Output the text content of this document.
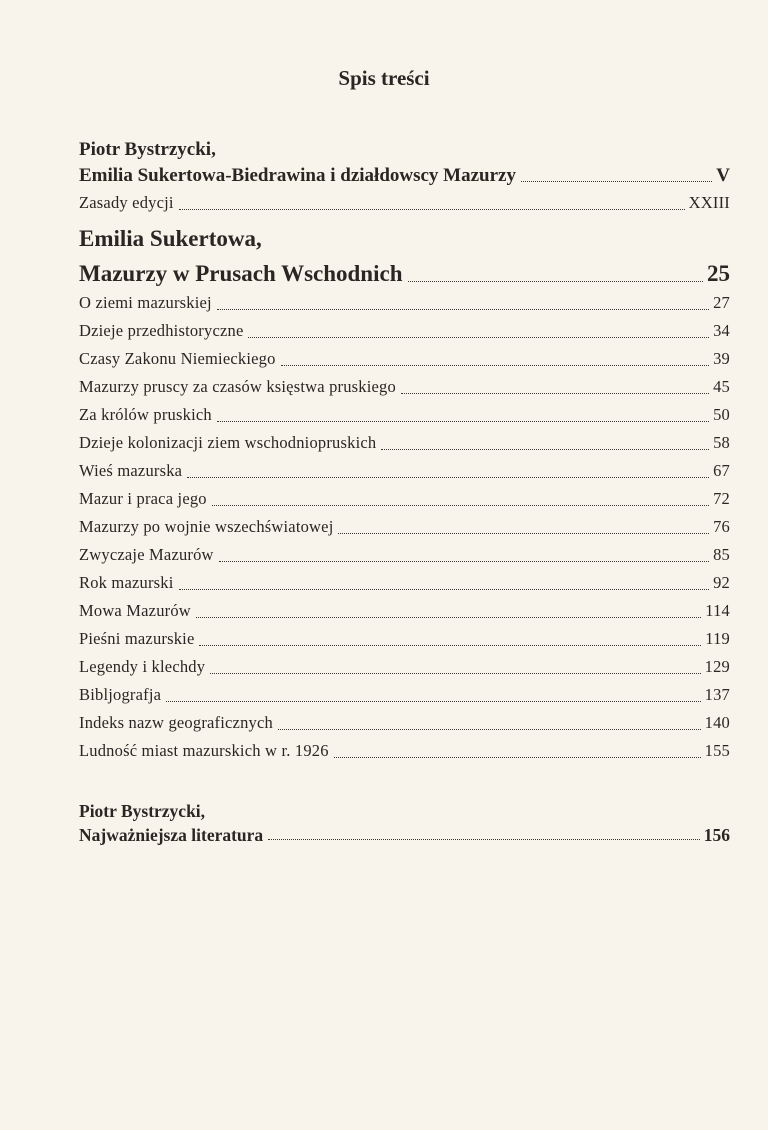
Spis treści
Piotr Bystrzycki,
Emilia Sukertowa-Biedrawina i działdowscy Mazurzy	V
Zasady edycji	XXIII
Emilia Sukertowa,
Mazurzy w Prusach Wschodnich	25
O ziemi mazurskiej	27
Dzieje przedhistoryczne	34
Czasy Zakonu Niemieckiego	39
Mazurzy pruscy za czasów księstwa pruskiego	45
Za królów pruskich	50
Dzieje kolonizacji ziem wschodniopruskich	58
Wieś mazurska	67
Mazur i praca jego	72
Mazurzy po wojnie wszechświatowej	76
Zwyczaje Mazurów	85
Rok mazurski	92
Mowa Mazurów	114
Pieśni mazurskie	119
Legendy i klechdy	129
Bibljografja	137
Indeks nazw geograficznych	140
Ludność miast mazurskich w r. 1926	155
Piotr Bystrzycki,
Najważniejsza literatura	156
